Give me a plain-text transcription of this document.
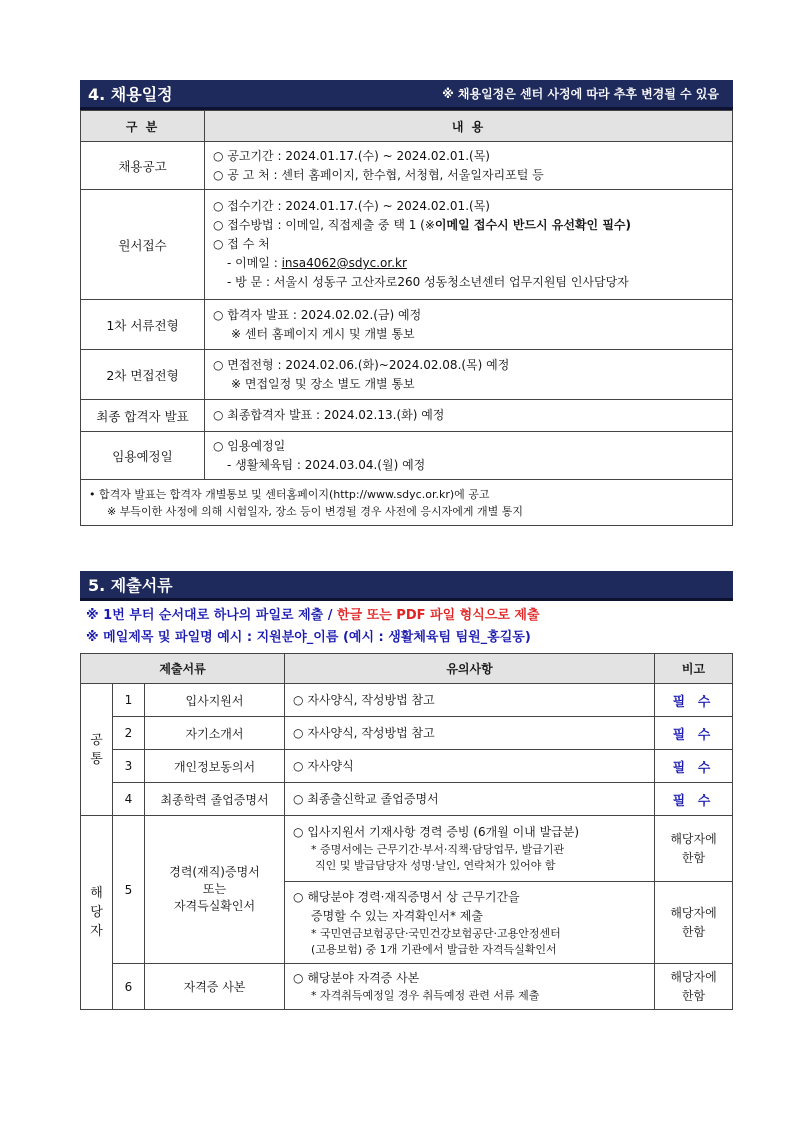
4. 채용일정	※ 채용일정은 센터 사정에 따라 추후 변경될 수 있음
구 분	내 용
채용공고	○ 공고기간 : 2024.01.17.(수) ~ 2024.02.01.(목)
○ 공 고 처 : 센터 홈페이지, 한수협, 서청협, 서울일자리포털 등

원서접수	○ 접수기간 : 2024.01.17.(수) ~ 2024.02.01.(목)
○ 접수방법 : 이메일, 직접제출 중 택 1 (※이메일 접수시 반드시 유선확인 필수)
○ 접 수 처
- 이메일 : insa4062@sdyc.or.kr
- 방 문 : 서울시 성동구 고산자로260 성동청소년센터 업무지원팀 인사담당자

1차 서류전형	○ 합격자 발표 : 2024.02.02.(금) 예정
※ 센터 홈페이지 게시 및 개별 통보

2차 면접전형	○ 면접전형 : 2024.02.06.(화)~2024.02.08.(목) 예정
※ 면접일정 및 장소 별도 개별 통보

최종 합격자 발표	○ 최종합격자 발표 : 2024.02.13.(화) 예정

임용예정일	○ 임용예정일
- 생활체육팀 : 2024.03.04.(월) 예정

• 합격자 발표는 합격자 개별통보 및 센터홈페이지(http://www.sdyc.or.kr)에 공고
※ 부득이한 사정에 의해 시험일자, 장소 등이 변경될 경우 사전에 응시자에게 개별 통지	
5. 제출서류
※ 1번 부터 순서대로 하나의 파일로 제출 / 한글 또는 PDF 파일 형식으로 제출
※ 메일제목 및 파일명 예시 : 지원분야_이름 (예시 : 생활체육팀 팀원_홍길동)
제출서류			유의사항	비고
공
통	1	입사지원서	○ 자사양식, 작성방법 참고	필 수
	2	자기소개서	○ 자사양식, 작성방법 참고	필 수
	3	개인정보동의서	○ 자사양식	필 수
	4	최종학력 졸업증명서	○ 최종출신학교 졸업증명서	필 수
해
당
자	5	경력(재직)증명서
또는
자격득실확인서	○ 입사지원서 기재사항 경력 증빙 (6개월 이내 발급분)
* 증명서에는 근무기간·부서·직책·담당업무, 발급기관
직인 및 발급담당자 성명·날인, 연락처가 있어야 함	해당자에
한함

			○ 해당분야 경력·재직증명서 상 근무기간을
증명할 수 있는 자격확인서* 제출
* 국민연금보험공단·국민건강보험공단·고용안정센터
(고용보험) 중 1개 기관에서 발급한 자격득실확인서	해당자에
한함
	6	자격증 사본	○ 해당분야 자격증 사본
* 자격취득예정일 경우 취득예정 관련 서류 제출	해당자에
한함
